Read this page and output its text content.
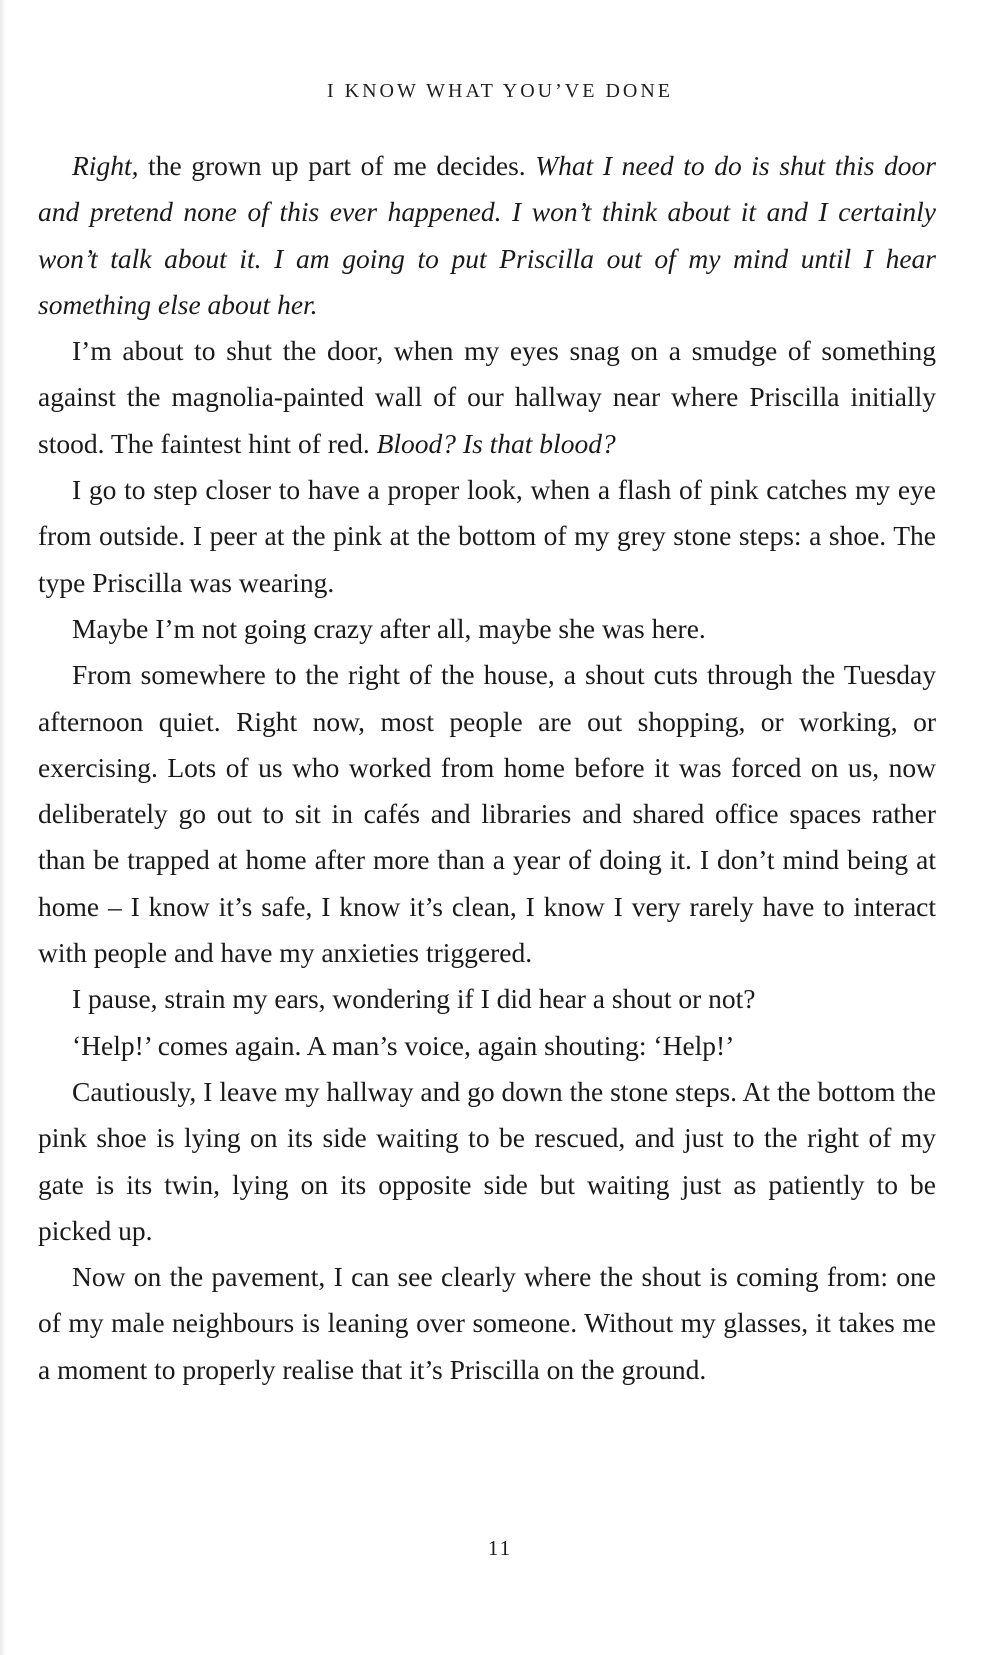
I KNOW WHAT YOU’VE DONE

Right, the grown up part of me decides. What I need to do is shut this door and pretend none of this ever happened. I won’t think about it and I certainly won’t talk about it. I am going to put Priscilla out of my mind until I hear something else about her.

I’m about to shut the door, when my eyes snag on a smudge of something against the magnolia-painted wall of our hallway near where Priscilla initially stood. The faintest hint of red. Blood? Is that blood?

I go to step closer to have a proper look, when a flash of pink catches my eye from outside. I peer at the pink at the bottom of my grey stone steps: a shoe. The type Priscilla was wearing.

Maybe I’m not going crazy after all, maybe she was here.

From somewhere to the right of the house, a shout cuts through the Tuesday afternoon quiet. Right now, most people are out shopping, or working, or exercising. Lots of us who worked from home before it was forced on us, now deliberately go out to sit in cafés and libraries and shared office spaces rather than be trapped at home after more than a year of doing it. I don’t mind being at home – I know it’s safe, I know it’s clean, I know I very rarely have to interact with people and have my anxieties triggered.

I pause, strain my ears, wondering if I did hear a shout or not?

‘Help!’ comes again. A man’s voice, again shouting: ‘Help!’

Cautiously, I leave my hallway and go down the stone steps. At the bottom the pink shoe is lying on its side waiting to be rescued, and just to the right of my gate is its twin, lying on its opposite side but waiting just as patiently to be picked up.

Now on the pavement, I can see clearly where the shout is coming from: one of my male neighbours is leaning over someone. Without my glasses, it takes me a moment to properly realise that it’s Priscilla on the ground.

11
